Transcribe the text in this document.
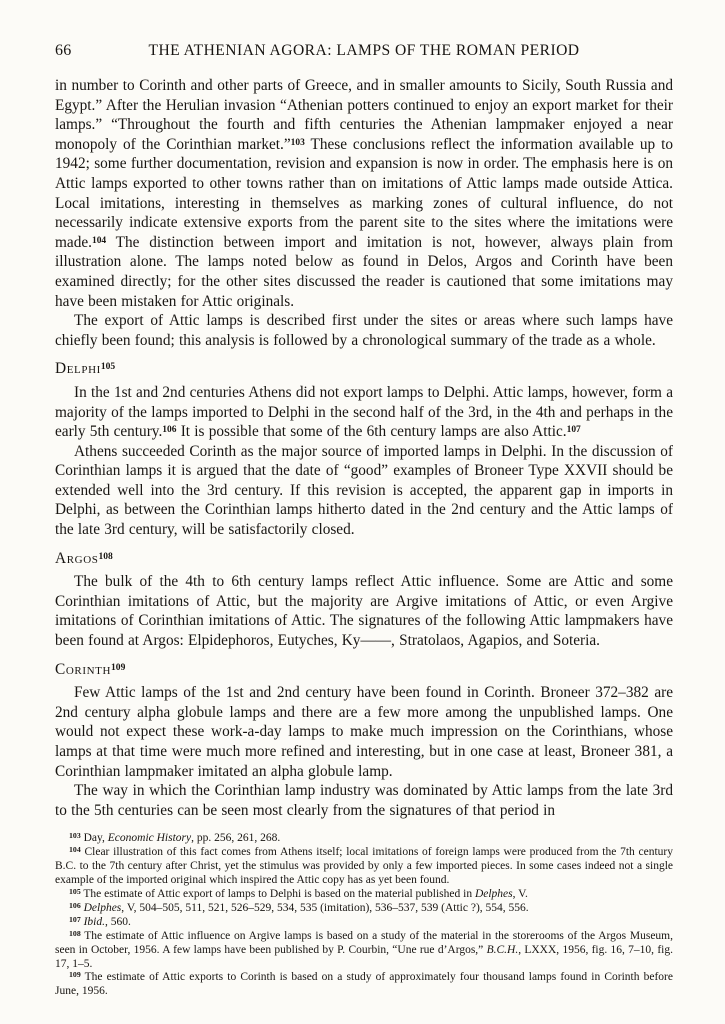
66	THE ATHENIAN AGORA: LAMPS OF THE ROMAN PERIOD

in number to Corinth and other parts of Greece, and in smaller amounts to Sicily, South Russia and Egypt.” After the Herulian invasion “Athenian potters continued to enjoy an export market for their lamps.” “Throughout the fourth and fifth centuries the Athenian lampmaker enjoyed a near monopoly of the Corinthian market.”$^{103}$ These conclusions reflect the information available up to 1942; some further documentation, revision and expansion is now in order. The emphasis here is on Attic lamps exported to other towns rather than on imitations of Attic lamps made outside Attica. Local imitations, interesting in themselves as marking zones of cultural influence, do not necessarily indicate extensive exports from the parent site to the sites where the imitations were made.$^{104}$ The distinction between import and imitation is not, however, always plain from illustration alone. The lamps noted below as found in Delos, Argos and Corinth have been examined directly; for the other sites discussed the reader is cautioned that some imitations may have been mistaken for Attic originals.

The export of Attic lamps is described first under the sites or areas where such lamps have chiefly been found; this analysis is followed by a chronological summary of the trade as a whole.

Delphi$^{105}$

In the 1st and 2nd centuries Athens did not export lamps to Delphi. Attic lamps, however, form a majority of the lamps imported to Delphi in the second half of the 3rd, in the 4th and perhaps in the early 5th century.$^{106}$ It is possible that some of the 6th century lamps are also Attic.$^{107}$

Athens succeeded Corinth as the major source of imported lamps in Delphi. In the discussion of Corinthian lamps it is argued that the date of “good” examples of Broneer Type XXVII should be extended well into the 3rd century. If this revision is accepted, the apparent gap in imports in Delphi, as between the Corinthian lamps hitherto dated in the 2nd century and the Attic lamps of the late 3rd century, will be satisfactorily closed.

Argos$^{108}$

The bulk of the 4th to 6th century lamps reflect Attic influence. Some are Attic and some Corinthian imitations of Attic, but the majority are Argive imitations of Attic, or even Argive imitations of Corinthian imitations of Attic. The signatures of the following Attic lampmakers have been found at Argos: Elpidephoros, Eutyches, Ky——, Stratolaos, Agapios, and Soteria.

Corinth$^{109}$

Few Attic lamps of the 1st and 2nd century have been found in Corinth. Broneer 372–382 are 2nd century alpha globule lamps and there are a few more among the unpublished lamps. One would not expect these work-a-day lamps to make much impression on the Corinthians, whose lamps at that time were much more refined and interesting, but in one case at least, Broneer 381, a Corinthian lampmaker imitated an alpha globule lamp.

The way in which the Corinthian lamp industry was dominated by Attic lamps from the late 3rd to the 5th centuries can be seen most clearly from the signatures of that period in

$^{103}$ Day, Economic History, pp. 256, 261, 268.

$^{104}$ Clear illustration of this fact comes from Athens itself; local imitations of foreign lamps were produced from the 7th century B.C. to the 7th century after Christ, yet the stimulus was provided by only a few imported pieces. In some cases indeed not a single example of the imported original which inspired the Attic copy has as yet been found.

$^{105}$ The estimate of Attic export of lamps to Delphi is based on the material published in Delphes, V.

$^{106}$ Delphes, V, 504–505, 511, 521, 526–529, 534, 535 (imitation), 536–537, 539 (Attic ?), 554, 556.

$^{107}$ Ibid., 560.

$^{108}$ The estimate of Attic influence on Argive lamps is based on a study of the material in the storerooms of the Argos Museum, seen in October, 1956. A few lamps have been published by P. Courbin, “Une rue d’Argos,” B.C.H., LXXX, 1956, fig. 16, 7–10, fig. 17, 1–5.

$^{109}$ The estimate of Attic exports to Corinth is based on a study of approximately four thousand lamps found in Corinth before June, 1956.
